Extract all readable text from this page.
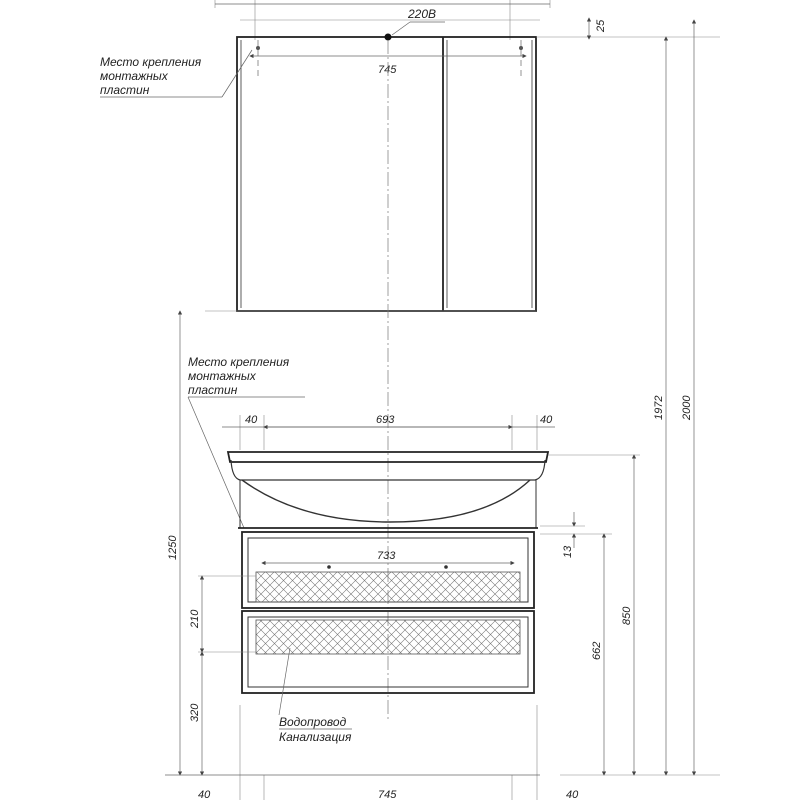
220В
745
Место крепления
монтажных
пластин
25
1972 2000
1250
Место крепления
монтажных
пластин
40	693	40
13
850
662
733
210
320	Водопровод
Канализация
40	745	40
